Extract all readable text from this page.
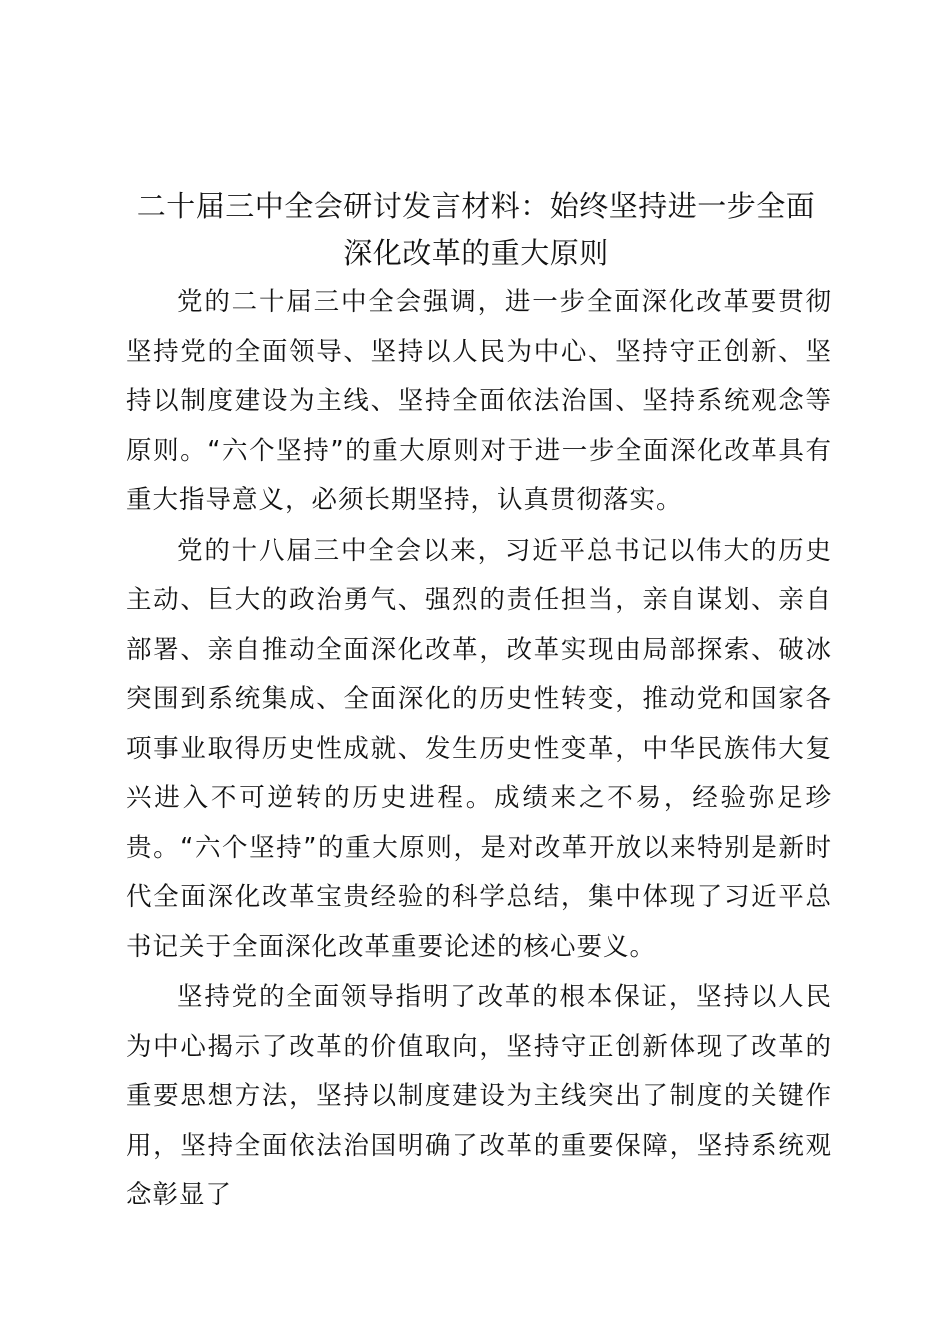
二十届三中全会研讨发言材料：始终坚持进一步全面深化改革的重大原则

党的二十届三中全会强调，进一步全面深化改革要贯彻坚持党的全面领导、坚持以人民为中心、坚持守正创新、坚持以制度建设为主线、坚持全面依法治国、坚持系统观念等原则。“六个坚持”的重大原则对于进一步全面深化改革具有重大指导意义，必须长期坚持，认真贯彻落实。

党的十八届三中全会以来，习近平总书记以伟大的历史主动、巨大的政治勇气、强烈的责任担当，亲自谋划、亲自部署、亲自推动全面深化改革，改革实现由局部探索、破冰突围到系统集成、全面深化的历史性转变，推动党和国家各项事业取得历史性成就、发生历史性变革，中华民族伟大复兴进入不可逆转的历史进程。成绩来之不易，经验弥足珍贵。“六个坚持”的重大原则，是对改革开放以来特别是新时代全面深化改革宝贵经验的科学总结，集中体现了习近平总书记关于全面深化改革重要论述的核心要义。

坚持党的全面领导指明了改革的根本保证，坚持以人民为中心揭示了改革的价值取向，坚持守正创新体现了改革的重要思想方法，坚持以制度建设为主线突出了制度的关键作用，坚持全面依法治国明确了改革的重要保障，坚持系统观念彰显了
